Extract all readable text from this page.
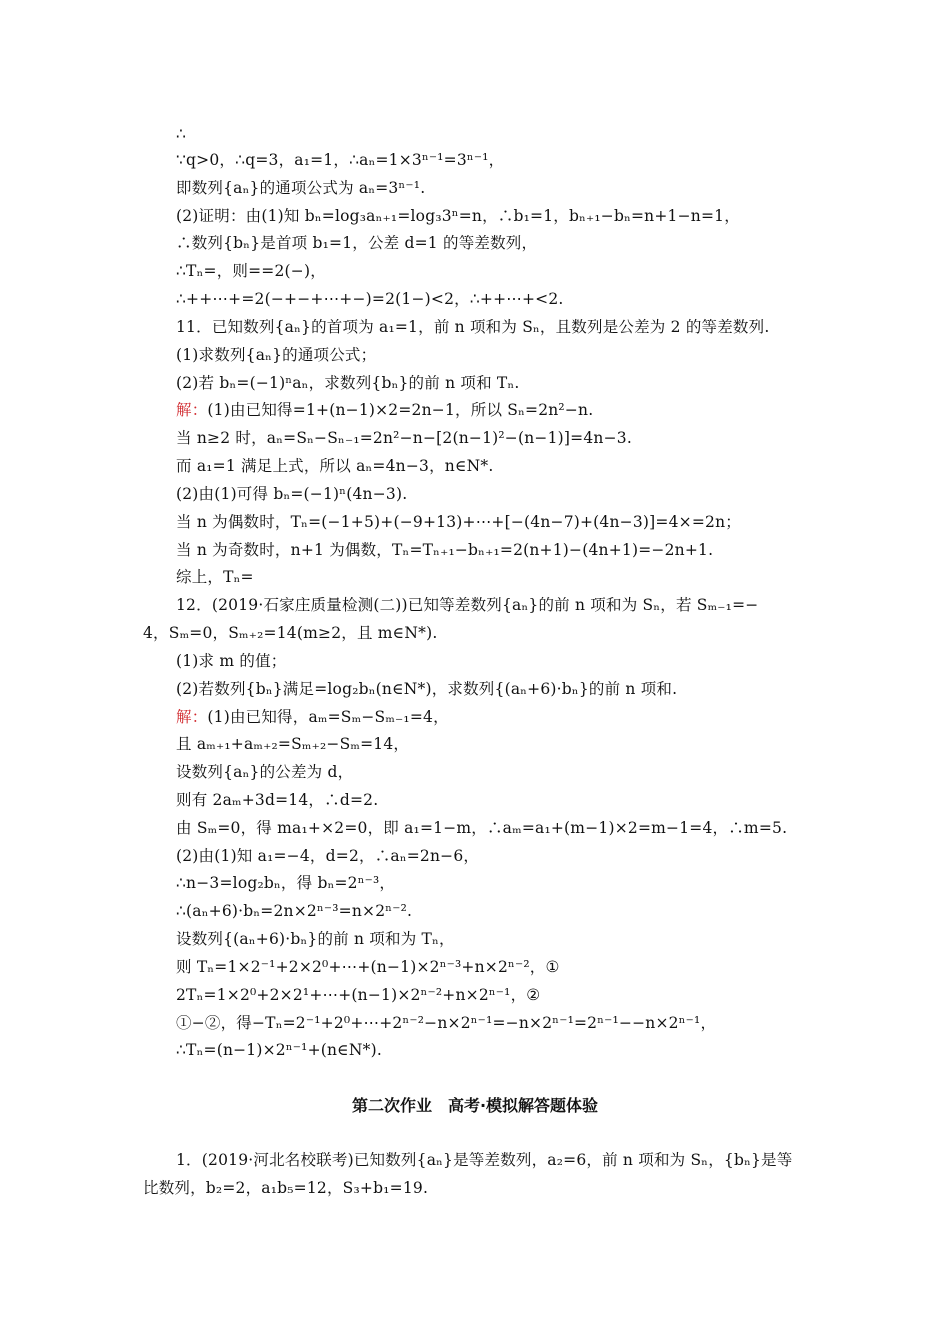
∴
∵q>0，∴q=3，a₁=1，∴aₙ=1×3ⁿ⁻¹=3ⁿ⁻¹，
即数列{aₙ}的通项公式为 aₙ=3ⁿ⁻¹.
(2)证明：由(1)知 bₙ=log₃aₙ₊₁=log₃3ⁿ=n，∴b₁=1，bₙ₊₁−bₙ=n+1−n=1，
∴数列{bₙ}是首项 b₁=1，公差 d=1 的等差数列，
∴Tₙ=，则==2(−)，
∴++⋯+=2(−+−+⋯+−)=2(1−)<2，∴++⋯+<2.
11．已知数列{aₙ}的首项为 a₁=1，前 n 项和为 Sₙ，且数列是公差为 2 的等差数列.
(1)求数列{aₙ}的通项公式；
(2)若 bₙ=(−1)ⁿaₙ，求数列{bₙ}的前 n 项和 Tₙ.
解：(1)由已知得=1+(n−1)×2=2n−1，所以 Sₙ=2n²−n.
当 n≥2 时，aₙ=Sₙ−Sₙ₋₁=2n²−n−[2(n−1)²−(n−1)]=4n−3.
而 a₁=1 满足上式，所以 aₙ=4n−3，n∈N*.
(2)由(1)可得 bₙ=(−1)ⁿ(4n−3).
当 n 为偶数时，Tₙ=(−1+5)+(−9+13)+⋯+[−(4n−7)+(4n−3)]=4×=2n；
当 n 为奇数时，n+1 为偶数，Tₙ=Tₙ₊₁−bₙ₊₁=2(n+1)−(4n+1)=−2n+1.
综上，Tₙ=
12．(2019·石家庄质量检测(二))已知等差数列{aₙ}的前 n 项和为 Sₙ，若 Sₘ₋₁=−
4，Sₘ=0，Sₘ₊₂=14(m≥2，且 m∈N*).
(1)求 m 的值；
(2)若数列{bₙ}满足=log₂bₙ(n∈N*)，求数列{(aₙ+6)·bₙ}的前 n 项和.
解：(1)由已知得，aₘ=Sₘ−Sₘ₋₁=4，
且 aₘ₊₁+aₘ₊₂=Sₘ₊₂−Sₘ=14，
设数列{aₙ}的公差为 d，
则有 2aₘ+3d=14，∴d=2.
由 Sₘ=0，得 ma₁+×2=0，即 a₁=1−m，∴aₘ=a₁+(m−1)×2=m−1=4，∴m=5.
(2)由(1)知 a₁=−4，d=2，∴aₙ=2n−6，
∴n−3=log₂bₙ，得 bₙ=2ⁿ⁻³，
∴(aₙ+6)·bₙ=2n×2ⁿ⁻³=n×2ⁿ⁻².
设数列{(aₙ+6)·bₙ}的前 n 项和为 Tₙ，
则 Tₙ=1×2⁻¹+2×2⁰+⋯+(n−1)×2ⁿ⁻³+n×2ⁿ⁻²，①
2Tₙ=1×2⁰+2×2¹+⋯+(n−1)×2ⁿ⁻²+n×2ⁿ⁻¹，②
①−②，得−Tₙ=2⁻¹+2⁰+⋯+2ⁿ⁻²−n×2ⁿ⁻¹=−n×2ⁿ⁻¹=2ⁿ⁻¹−−n×2ⁿ⁻¹，
∴Tₙ=(n−1)×2ⁿ⁻¹+(n∈N*).
第二次作业　高考·模拟解答题体验
1．(2019·河北名校联考)已知数列{aₙ}是等差数列，a₂=6，前 n 项和为 Sₙ，{bₙ}是等
比数列，b₂=2，a₁b₅=12，S₃+b₁=19.
